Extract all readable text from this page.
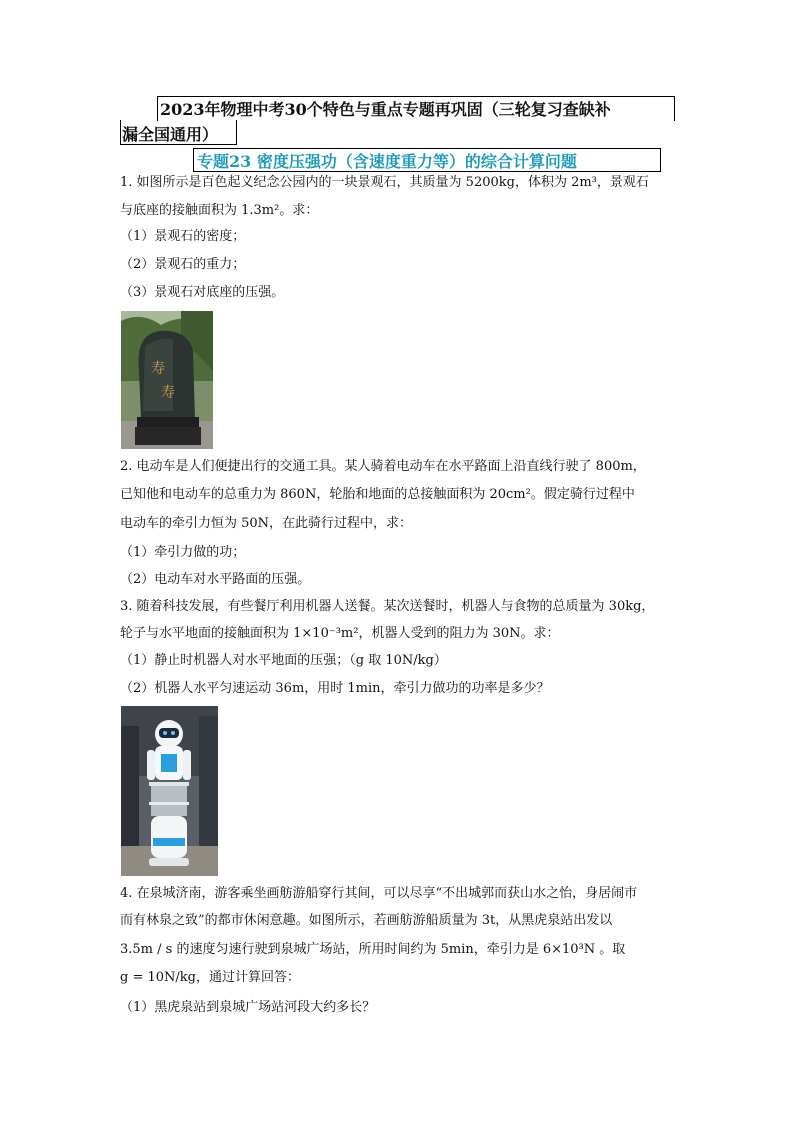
2023年物理中考30个特色与重点专题再巩固（三轮复习查缺补
漏全国通用）
专题23 密度压强功（含速度重力等）的综合计算问题
1. 如图所示是百色起义纪念公园内的一块景观石，其质量为 5200kg，体积为 2m³，景观石
与底座的接触面积为 1.3m²。求：
（1）景观石的密度；
（2）景观石的重力；
（3）景观石对底座的压强。
寿
寿
2. 电动车是人们便捷出行的交通工具。某人骑着电动车在水平路面上沿直线行驶了 800m，
已知他和电动车的总重力为 860N，轮胎和地面的总接触面积为 20cm²。假定骑行过程中
电动车的牵引力恒为 50N，在此骑行过程中，求：
（1）牵引力做的功；
（2）电动车对水平路面的压强。
3. 随着科技发展，有些餐厅利用机器人送餐。某次送餐时，机器人与食物的总质量为 30kg，
轮子与水平地面的接触面积为 1×10⁻³m²，机器人受到的阻力为 30N。求：
（1）静止时机器人对水平地面的压强；（g 取 10N/kg）
（2）机器人水平匀速运动 36m，用时 1min，牵引力做功的功率是多少？
4. 在泉城济南，游客乘坐画舫游船穿行其间，可以尽享“不出城郭而获山水之怡，身居闹市
而有林泉之致”的都市休闲意趣。如图所示，若画舫游船质量为 3t，从黑虎泉站出发以
3.5m / s 的速度匀速行驶到泉城广场站，所用时间约为 5min，牵引力是 6×10³N 。取
g = 10N/kg，通过计算回答：
（1）黑虎泉站到泉城广场站河段大约多长？
